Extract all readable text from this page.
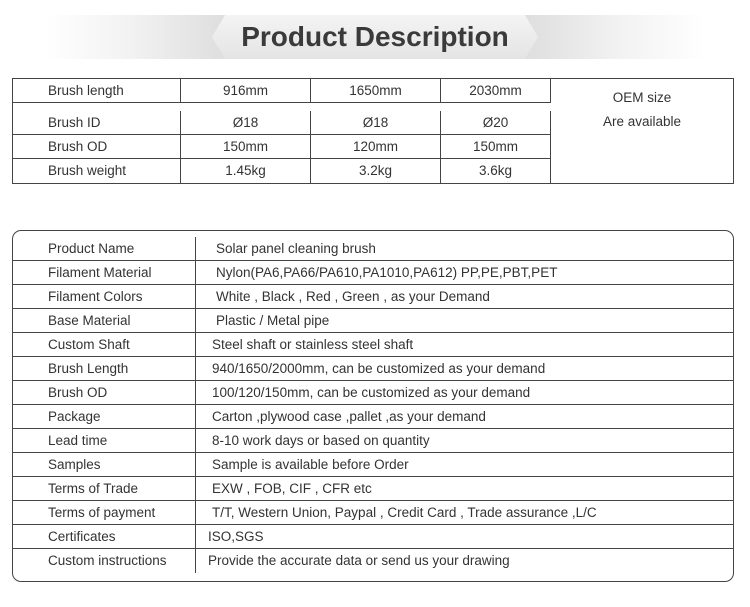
Product Description
Brush length	916mm	1650mm	2030mm
Brush ID	Ø18	Ø18	Ø20
Brush OD	150mm	120mm	150mm
Brush weight	1.45kg	3.2kg	3.6kg
OEM size
Are available
Product Name	Solar panel cleaning brush
Filament Material	Nylon(PA6,PA66/PA610,PA1010,PA612) PP,PE,PBT,PET
Filament Colors	White , Black , Red , Green , as your Demand
Base Material	Plastic / Metal pipe
Custom Shaft	Steel shaft or stainless steel shaft
Brush Length	940/1650/2000mm, can be customized as your demand
Brush OD	100/120/150mm, can be customized as your demand
Package	Carton ,plywood case ,pallet ,as your demand
Lead time	8-10 work days or based on quantity
Samples	Sample is available before Order
Terms of Trade	EXW , FOB, CIF , CFR etc
Terms of payment	T/T, Western Union, Paypal , Credit Card , Trade assurance ,L/C
Certificates	ISO,SGS
Custom instructions	Provide the accurate data or send us your drawing
